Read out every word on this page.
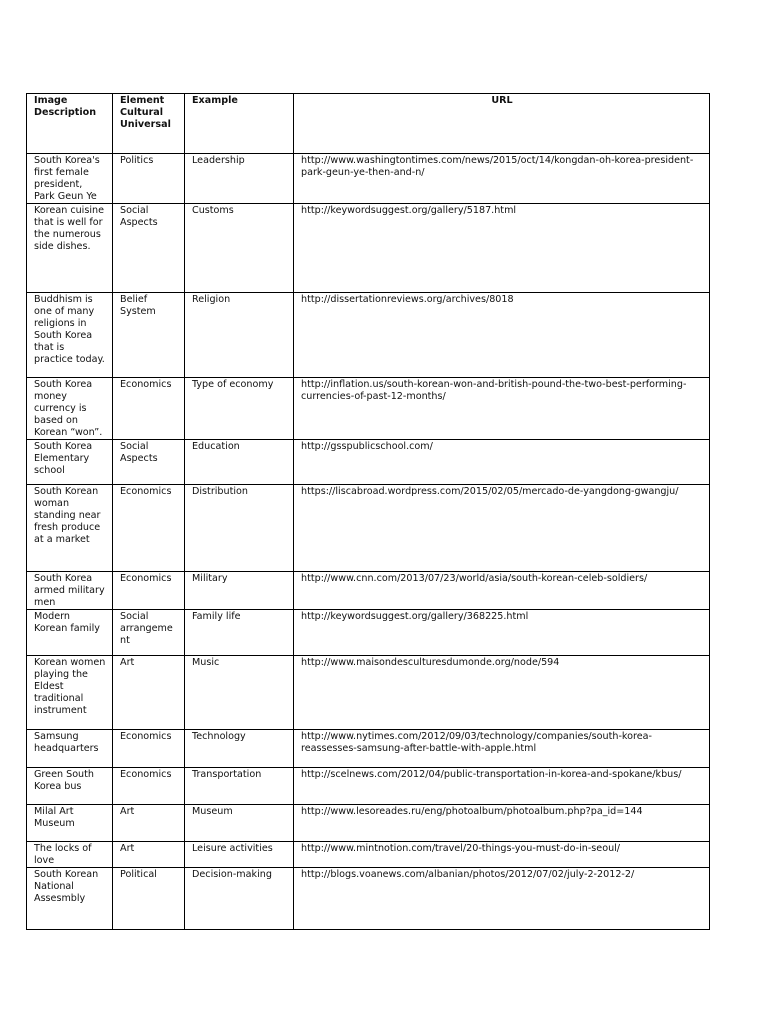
Image Description	Element Cultural Universal	Example	URL
South Korea's first female president, Park Geun Ye	Politics	Leadership	http://www.washingtontimes.com/news/2015/oct/14/kongdan-oh-korea-president-park-geun-ye-then-and-n/
Korean cuisine that is well for the numerous side dishes.	Social Aspects	Customs	http://keywordsuggest.org/gallery/5187.html
Buddhism is one of many religions in South Korea that is practice today.	Belief System	Religion	http://dissertationreviews.org/archives/8018
South Korea money currency is based on Korean “won”.	Economics	Type of economy	http://inflation.us/south-korean-won-and-british-pound-the-two-best-performing-currencies-of-past-12-months/
South Korea Elementary school	Social Aspects	Education	http://gsspublicschool.com/
South Korean woman standing near fresh produce at a market	Economics	Distribution	https://liscabroad.wordpress.com/2015/02/05/mercado-de-yangdong-gwangju/
South Korea armed military men	Economics	Military	http://www.cnn.com/2013/07/23/world/asia/south-korean-celeb-soldiers/
Modern Korean family	Social arrangement	Family life	http://keywordsuggest.org/gallery/368225.html
Korean women playing the Eldest traditional instrument	Art	Music	http://www.maisondesculturesdumonde.org/node/594
Samsung headquarters	Economics	Technology	http://www.nytimes.com/2012/09/03/technology/companies/south-korea-reassesses-samsung-after-battle-with-apple.html
Green South Korea bus	Economics	Transportation	http://scelnews.com/2012/04/public-transportation-in-korea-and-spokane/kbus/
Milal Art Museum	Art	Museum	http://www.lesoreades.ru/eng/photoalbum/photoalbum.php?pa_id=144
The locks of love	Art	Leisure activities	http://www.mintnotion.com/travel/20-things-you-must-do-in-seoul/
South Korean National Assesmbly	Political	Decision-making	http://blogs.voanews.com/albanian/photos/2012/07/02/july-2-2012-2/
